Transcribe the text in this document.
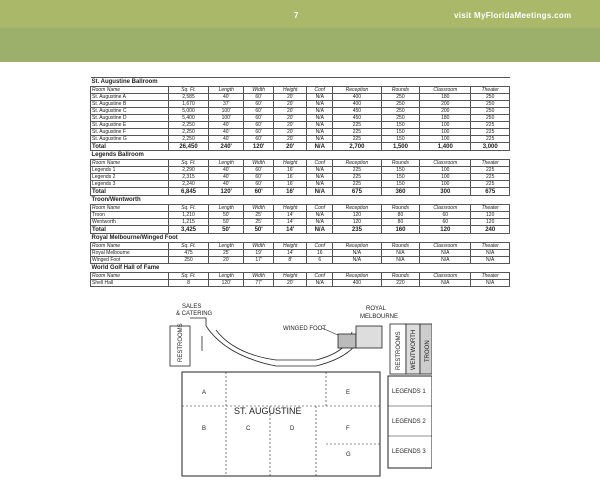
7	visit MyFloridaMeetings.com
St. Augustine Ballroom									
Room Name	Sq. Ft.	Length	Width	Height	Conf	Reception	Rounds	Classroom	Theater
St. Augustine A	2,585	40'	60'	20'	N/A	400	250	180	250
St. Augustine B	1,670	37'	60'	20'	N/A	400	250	200	250
St. Augustine C	5,000	100'	60'	20'	N/A	450	250	200	250
St. Augustine D	5,400	100'	60'	20'	N/A	450	250	180	250
St. Augustine E	2,250	40'	60'	20'	N/A	225	150	100	225
St. Augustine F	2,250	40'	60'	20'	N/A	225	150	100	225
St. Augustine G	2,250	40'	60'	20'	N/A	225	150	100	225
Total	26,450	240'	120'	20'	N/A	2,700	1,500	1,400	3,000
Legends Ballroom									
Room Name	Sq. Ft.	Length	Width	Height	Conf	Reception	Rounds	Classroom	Theater
Legends 1	2,290	40'	60'	16'	N/A	225	150	100	225
Legends 2	2,315	40'	60'	16'	N/A	225	150	100	225
Legends 3	2,240	40'	60'	16'	N/A	225	150	100	225
Total	6,845	120'	60'	16'	N/A	675	360	300	675
Troon/Wentworth									
Room Name	Sq. Ft.	Length	Width	Height	Conf	Reception	Rounds	Classroom	Theater
Troon	1,210	50'	25'	14'	N/A	120	80	60	120
Wentworth	1,215	50'	25'	14'	N/A	120	80	60	120
Total	3,425	50'	50'	14'	N/A	235	160	120	240
Royal Melbourne/Winged Foot									
Room Name	Sq. Ft.	Length	Width	Height	Conf	Reception	Rounds	Classroom	Theater
Royal Melbourne	475	25'	19'	14'	16	N/A	N/A	N/A	N/A
Winged Foot	250	20'	17'	8'	6	N/A	N/A	N/A	N/A
World Golf Hall of Fame									
Room Name	Sq. Ft.	Length	Width	Height	Conf	Reception	Rounds	Classroom	Theater
Shell Hall	8	120'	77'	20'	N/A	400	220	N/A	N/A
RESTROOMS
SALES
& CATERING
WINGED FOOT
ROYAL
MELBOURNE
RESTROOMS WENTWORTH TROON
A
B	C	D
E
F
G
ST. AUGUSTINE
LEGENDS 1
LEGENDS 2
LEGENDS 3
